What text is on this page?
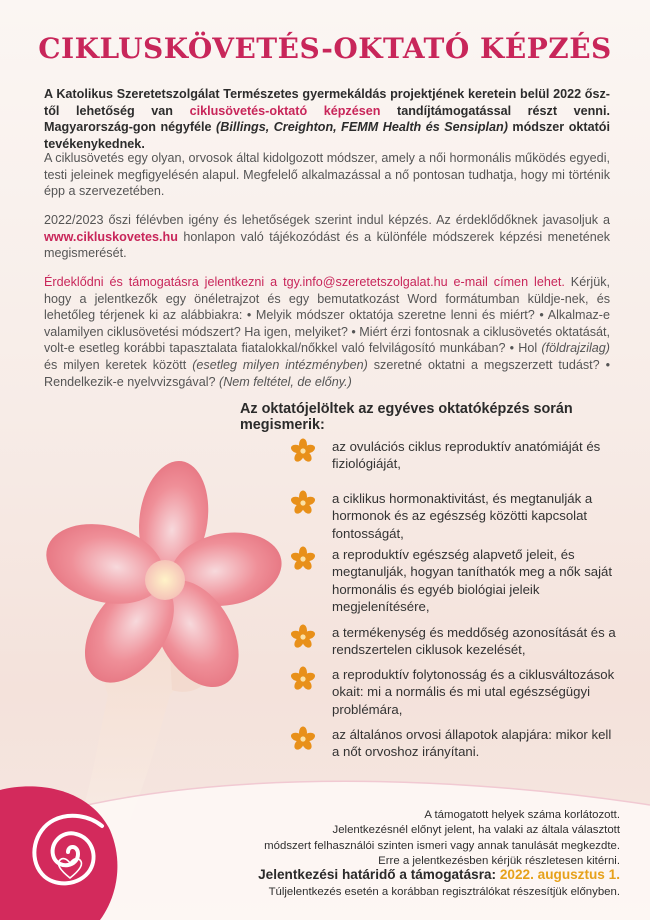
CIKLUSKÖVETÉS-OKTATÓ KÉPZÉS
A Katolikus Szeretetszolgálat Természetes gyermekáldás projektjének keretein belül 2022 ősz-től lehetőség van ciklusövetés-oktató képzésen tandíjtámogatással részt venni. Magyarország-gon négyféle (Billings, Creighton, FEMM Health és Sensiplan) módszer oktatói tevékenykednek.
A ciklusövetés egy olyan, orvosok által kidolgozott módszer, amely a női hormonális működés egyedi, testi jeleinek megfigyelésén alapul. Megfelelő alkalmazással a nő pontosan tudhatja, hogy mi történik épp a szervezetében.
2022/2023 őszi félévben igény és lehetőségek szerint indul képzés. Az érdeklődőknek javasoljuk a www.cikluskovetes.hu honlapon való tájékozódást és a különféle módszerek képzési menetének megismerését.
Érdeklődni és támogatásra jelentkezni a tgy.info@szeretetszolgalat.hu e-mail címen lehet. Kérjük, hogy a jelentkezők egy önéletrajzot és egy bemutatkozást Word formátumban küldje-nek, és lehetőleg térjenek ki az alábbiakra: • Melyik módszer oktatója szeretne lenni és miért? • Alkalmaz-e valamilyen ciklusövetési módszert? Ha igen, melyiket? • Miért érzi fontosnak a ciklusövetés oktatását, volt-e esetleg korábbi tapasztalata fiatalokkal/nőkkel való felvilágosító munkában? • Hol (földrajzilag) és milyen keretek között (esetleg milyen intézményben) szeretné oktatni a megszerzett tudást? • Rendelkezik-e nyelvvizsgával? (Nem feltétel, de előny.)
Az oktatójelöltek az egyéves oktatóképzés során megismerik:
az ovulációs ciklus reproduktív anatómiáját és fiziológiáját,
a ciklikus hormonaktivitást, és megtanulják a hormonok és az egészség közötti kapcsolat fontosságát,
a reproduktív egészség alapvető jeleit, és megtanulják, hogyan taníthatók meg a nők saját hormonális és egyéb biológiai jeleik megjelenítésére,
a termékenység és meddőség azonosítását és a rendszertelen ciklusok kezelését,
a reproduktív folytonosság és a ciklusváltozások okait: mi a normális és mi utal egészségügyi problémára,
az általános orvosi állapotok alapjára: mikor kell a nőt orvoshoz irányítani.
A támogatott helyek száma korlátozott.
Jelentkezésnél előnyt jelent, ha valaki az általa választott
módszert felhasználói szinten ismeri vagy annak tanulását megkezdte.
Erre a jelentkezésben kérjük részletesen kitérni.
Jelentkezési határidő a támogatásra: 2022. augusztus 1.
Túljelentkezés esetén a korábban regisztrálókat részesítjük előnyben.
